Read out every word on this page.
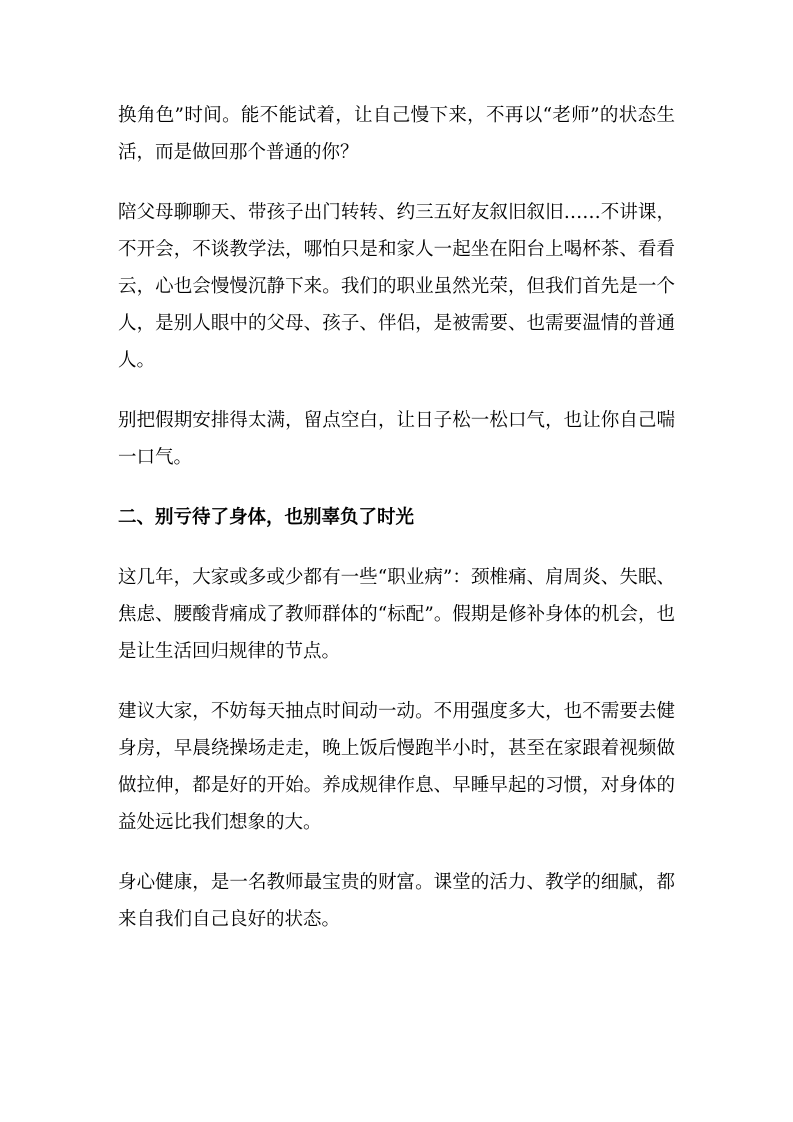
换角色”时间。能不能试着，让自己慢下来，不再以“老师”的状态生活，而是做回那个普通的你？

陪父母聊聊天、带孩子出门转转、约三五好友叙旧叙旧……不讲课，不开会，不谈教学法，哪怕只是和家人一起坐在阳台上喝杯茶、看看云，心也会慢慢沉静下来。我们的职业虽然光荣，但我们首先是一个人，是别人眼中的父母、孩子、伴侣，是被需要、也需要温情的普通人。

别把假期安排得太满，留点空白，让日子松一松口气，也让你自己喘一口气。

二、别亏待了身体，也别辜负了时光

这几年，大家或多或少都有一些“职业病”：颈椎痛、肩周炎、失眠、焦虑、腰酸背痛成了教师群体的“标配”。假期是修补身体的机会，也是让生活回归规律的节点。

建议大家，不妨每天抽点时间动一动。不用强度多大，也不需要去健身房，早晨绕操场走走，晚上饭后慢跑半小时，甚至在家跟着视频做做拉伸，都是好的开始。养成规律作息、早睡早起的习惯，对身体的益处远比我们想象的大。

身心健康，是一名教师最宝贵的财富。课堂的活力、教学的细腻，都来自我们自己良好的状态。
